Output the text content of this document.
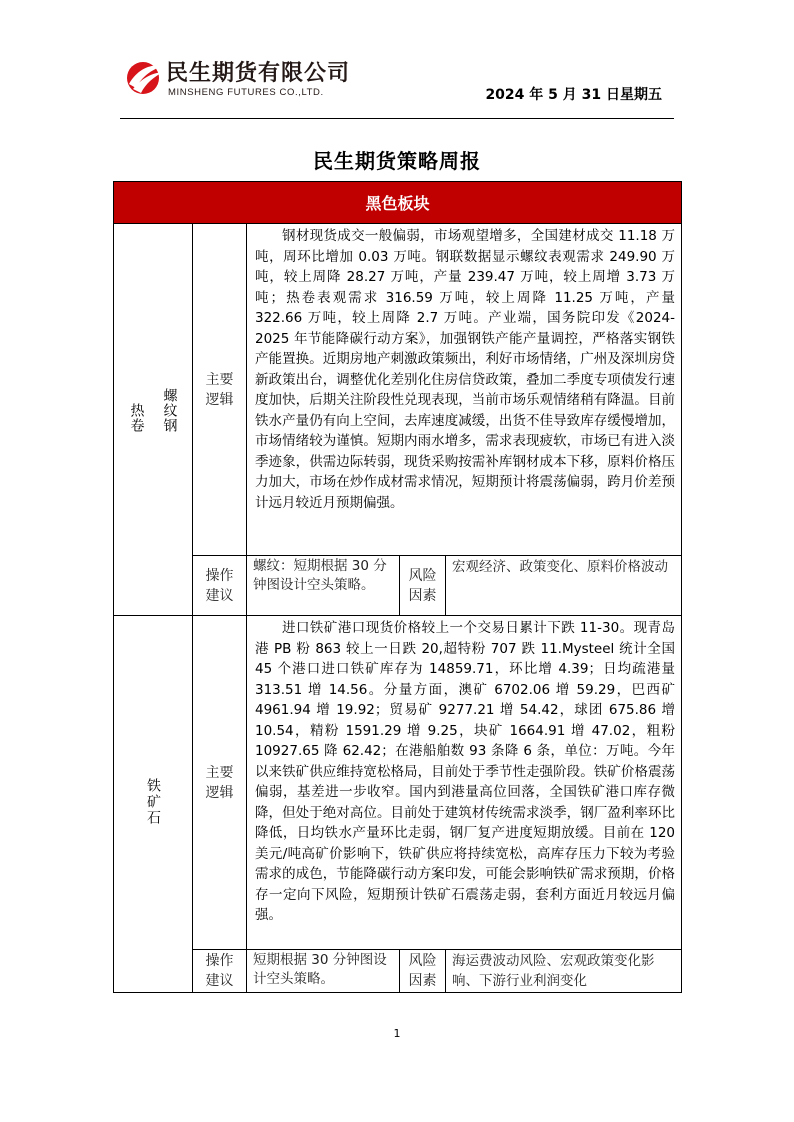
民生期货有限公司
MINSHENG FUTURES CO.,LTD.	2024 年 5 月 31 日星期五
民生期货策略周报
黑色板块				
热卷 螺纹钢	主要逻辑	钢材现货成交一般偏弱，市场观望增多，全国建材成交 11.18 万吨，周环比增加 0.03 万吨。钢联数据显示螺纹表观需求 249.90 万吨，较上周降 28.27 万吨，产量 239.47 万吨，较上周增 3.73 万吨；热卷表观需求 316.59 万吨，较上周降 11.25 万吨，产量 322.66 万吨，较上周降 2.7 万吨。产业端，国务院印发《2024-2025 年节能降碳行动方案》，加强钢铁产能产量调控，严格落实钢铁产能置换。近期房地产刺激政策频出，利好市场情绪，广州及深圳房贷新政策出台，调整优化差别化住房信贷政策，叠加二季度专项债发行速度加快，后期关注阶段性兑现表现，当前市场乐观情绪稍有降温。目前铁水产量仍有向上空间，去库速度减缓，出货不佳导致库存缓慢增加，市场情绪较为谨慎。短期内雨水增多，需求表现疲软，市场已有进入淡季迹象，供需边际转弱，现货采购按需补库钢材成本下移，原料价格压力加大，市场在炒作成材需求情况，短期预计将震荡偏弱，跨月价差预计远月较近月预期偏强。		

	操作建议	螺纹：短期根据 30 分钟图设计空头策略。	风险因素	宏观经济、政策变化、原料价格波动
铁矿石	主要逻辑	进口铁矿港口现货价格较上一个交易日累计下跌 11-30。现青岛港 PB 粉 863 较上一日跌 20,超特粉 707 跌 11.Mysteel 统计全国 45 个港口进口铁矿库存为 14859.71，环比增 4.39；日均疏港量 313.51 增 14.56。分量方面，澳矿 6702.06 增 59.29，巴西矿 4961.94 增 19.92；贸易矿 9277.21 增 54.42，球团 675.86 增 10.54，精粉 1591.29 增 9.25，块矿 1664.91 增 47.02，粗粉 10927.65 降 62.42；在港船舶数 93 条降 6 条，单位：万吨。今年以来铁矿供应维持宽松格局，目前处于季节性走强阶段。铁矿价格震荡偏弱，基差进一步收窄。国内到港量高位回落，全国铁矿港口库存微降，但处于绝对高位。目前处于建筑材传统需求淡季，钢厂盈利率环比降低，日均铁水产量环比走弱，钢厂复产进度短期放缓。目前在 120 美元/吨高矿价影响下，铁矿供应将持续宽松，高库存压力下较为考验需求的成色，节能降碳行动方案印发，可能会影响铁矿需求预期，价格存一定向下风险，短期预计铁矿石震荡走弱，套利方面近月较远月偏强。		

	操作建议	短期根据 30 分钟图设计空头策略。	风险因素	海运费波动风险、宏观政策变化影响、下游行业利润变化
1
